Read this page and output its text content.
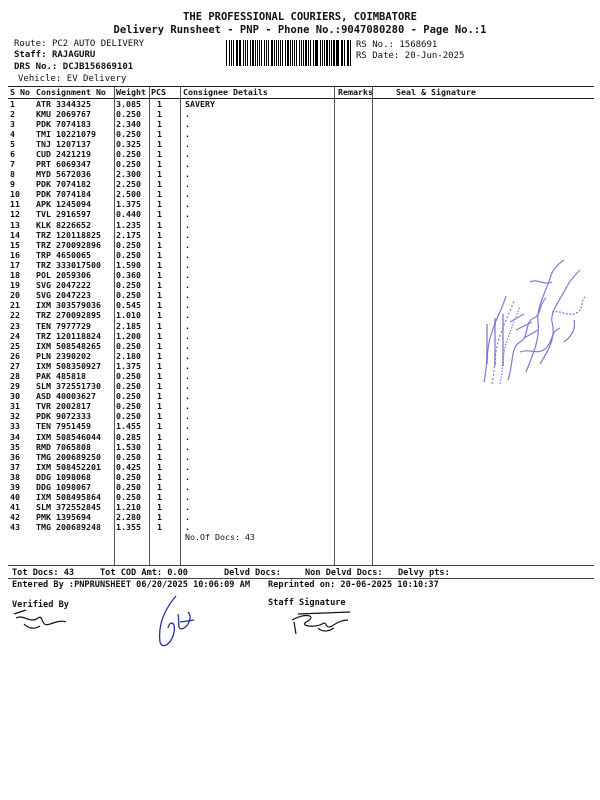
THE PROFESSIONAL COURIERS, COIMBATORE
Delivery Runsheet - PNP - Phone No.:9047080280 - Page No.:1
Route: PC2 AUTO DELIVERY
Staff: RAJAGURU
DRS No.: DCJB156869101
Vehicle: EV Delivery
RS No.: 1568691
RS Date: 20-Jun-2025
S No	Consignment No	Weight	PCS	Consignee Details	Remarks	Seal & Signature
1	ATR 3344325	3.085	1	SAVERY		
2	KMU 2069767	0.250	1	.		
3	PDK 7074183	2.340	1	.		
4	TMI 10221079	0.250	1	.		
5	TNJ 1207137	0.325	1	.		
6	CUD 2421219	0.250	1	.		
7	PRT 6069347	0.250	1	.		
8	MYD 5672036	2.300	1	.		
9	PDK 7074182	2.250	1	.		
10	PDK 7074184	2.500	1	.		
11	APK 1245094	1.375	1	.		
12	TVL 2916597	0.440	1	.		
13	KLK 8226652	1.235	1	.		
14	TRZ 120118825	2.175	1	.		
15	TRZ 270092896	0.250	1	.		
16	TRP 4650065	0.250	1	.		
17	TRZ 333017500	1.590	1	.		
18	POL 2059306	0.360	1	.		
19	SVG 2047222	0.250	1	.		
20	SVG 2047223	0.250	1	.		
21	IXM 303579036	0.545	1	.		
22	TRZ 270092895	1.010	1	.		
23	TEN 7977729	2.185	1	.		
24	TRZ 120118824	1.200	1	.		
25	IXM 508548265	0.250	1	.		
26	PLN 2390202	2.180	1	.		
27	IXM 508350927	1.375	1	.		
28	PAK 485818	0.250	1	.		
29	SLM 372551730	0.250	1	.		
30	ASD 40003627	0.250	1	.		
31	TVR 2002817	0.250	1	.		
32	PDK 9072333	0.250	1	.		
33	TEN 7951459	1.455	1	.		
34	IXM 508546044	0.285	1	.		
35	RMD 7065808	1.530	1	.		
36	TMG 200689250	0.250	1	.		
37	IXM 508452201	0.425	1	.		
38	DDG 1098068	0.250	1	.		
39	DDG 1098067	0.250	1	.		
40	IXM 508495864	0.250	1	.		
41	SLM 372552845	1.210	1	.		
42	PMK 1395694	2.280	1	.		
43	TMG 200689248	1.355	1	.		
				No.Of Docs: 43		
Tot Docs: 43	Tot COD Amt: 0.00	Delvd Docs:	Non Delvd Docs: Delvy pts:
Entered By :PNPRUNSHEET 06/20/2025 10:06:09 AM Reprinted on: 20-06-2025 10:10:37
Verified By	Staff Signature
